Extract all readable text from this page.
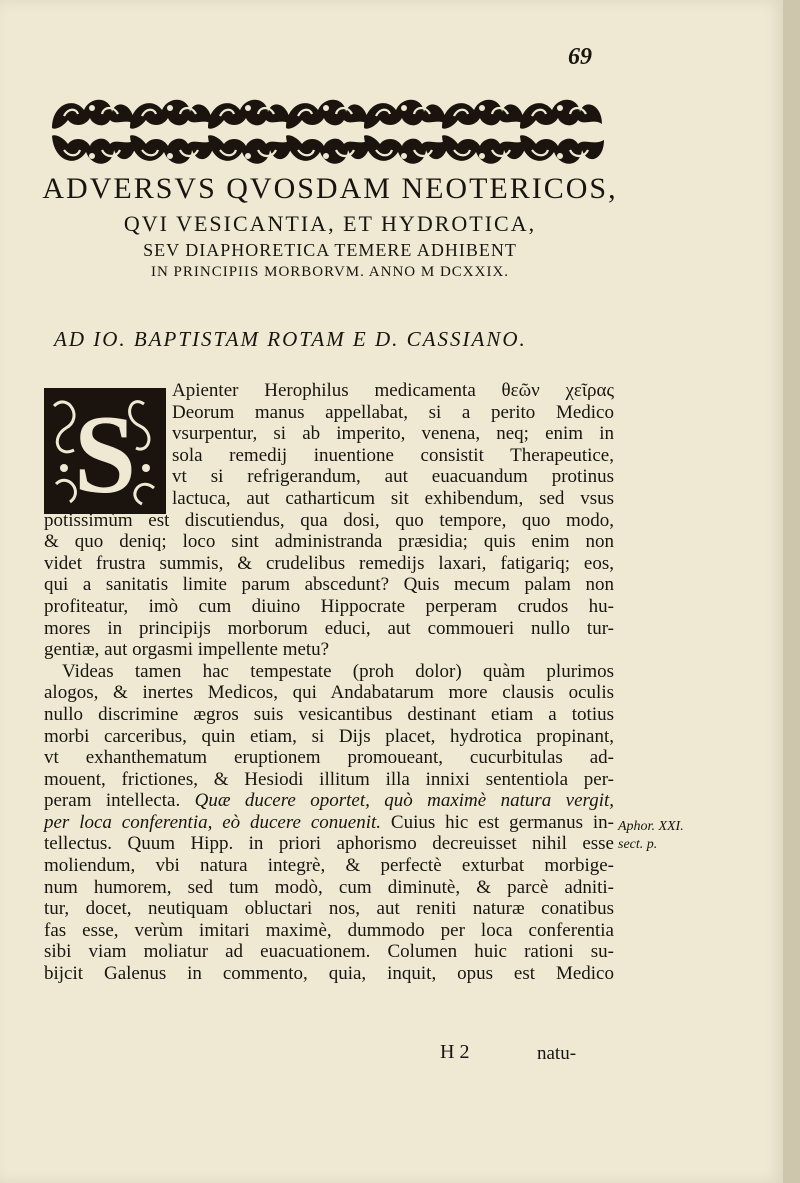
69
ADVERSVS QVOSDAM NEOTERICOS,
QVI VESICANTIA, ET HYDROTICA,
SEV DIAPHORETICA TEMERE ADHIBENT
IN PRINCIPIIS MORBORVM. ANNO M DCXXIX.
AD IO. BAPTISTAM ROTAM E D. CASSIANO.
S
Apienter Herophilus medicamenta θεῶν χεῖρας
Deorum manus appellabat, si a perito Medico
vsurpentur, si ab imperito, venena, neq; enim in
sola remedij inuentione consistit Therapeutice,
vt si refrigerandum, aut euacuandum protinus
lactuca, aut catharticum sit exhibendum, sed vsus
potissimùm est discutiendus, qua dosi, quo tempore, quo modo,
& quo deniq; loco sint administranda præsidia; quis enim non
videt frustra summis, & crudelibus remedijs laxari, fatigariq; eos,
qui a sanitatis limite parum abscedunt? Quis mecum palam non
profiteatur, imò cum diuino Hippocrate perperam crudos hu-
mores in principijs morborum educi, aut commoueri nullo tur-
gentiæ, aut orgasmi impellente metu?
Videas tamen hac tempestate (proh dolor) quàm plurimos
alogos, & inertes Medicos, qui Andabatarum more clausis oculis
nullo discrimine ægros suis vesicantibus destinant etiam a totius
morbi carceribus, quin etiam, si Dijs placet, hydrotica propinant,
vt exhanthematum eruptionem promoueant, cucurbitulas ad-
mouent, frictiones, & Hesiodi illitum illa innixi sententiola per-
peram intellecta. Quæ ducere oportet, quò maximè natura vergit,
per loca conferentia, eò ducere conuenit. Cuius hic est germanus in-
tellectus. Quum Hipp. in priori aphorismo decreuisset nihil esse
moliendum, vbi natura integrè, & perfectè exturbat morbige-
num humorem, sed tum modò, cum diminutè, & parcè adniti-
tur, docet, neutiquam obluctari nos, aut reniti naturæ conatibus
fas esse, verùm imitari maximè, dummodo per loca conferentia
sibi viam moliatur ad euacuationem. Columen huic rationi su-
bijcit Galenus in commento, quia, inquit, opus est Medico
Aphor. XXI.
sect. p.
H 2	natu-
